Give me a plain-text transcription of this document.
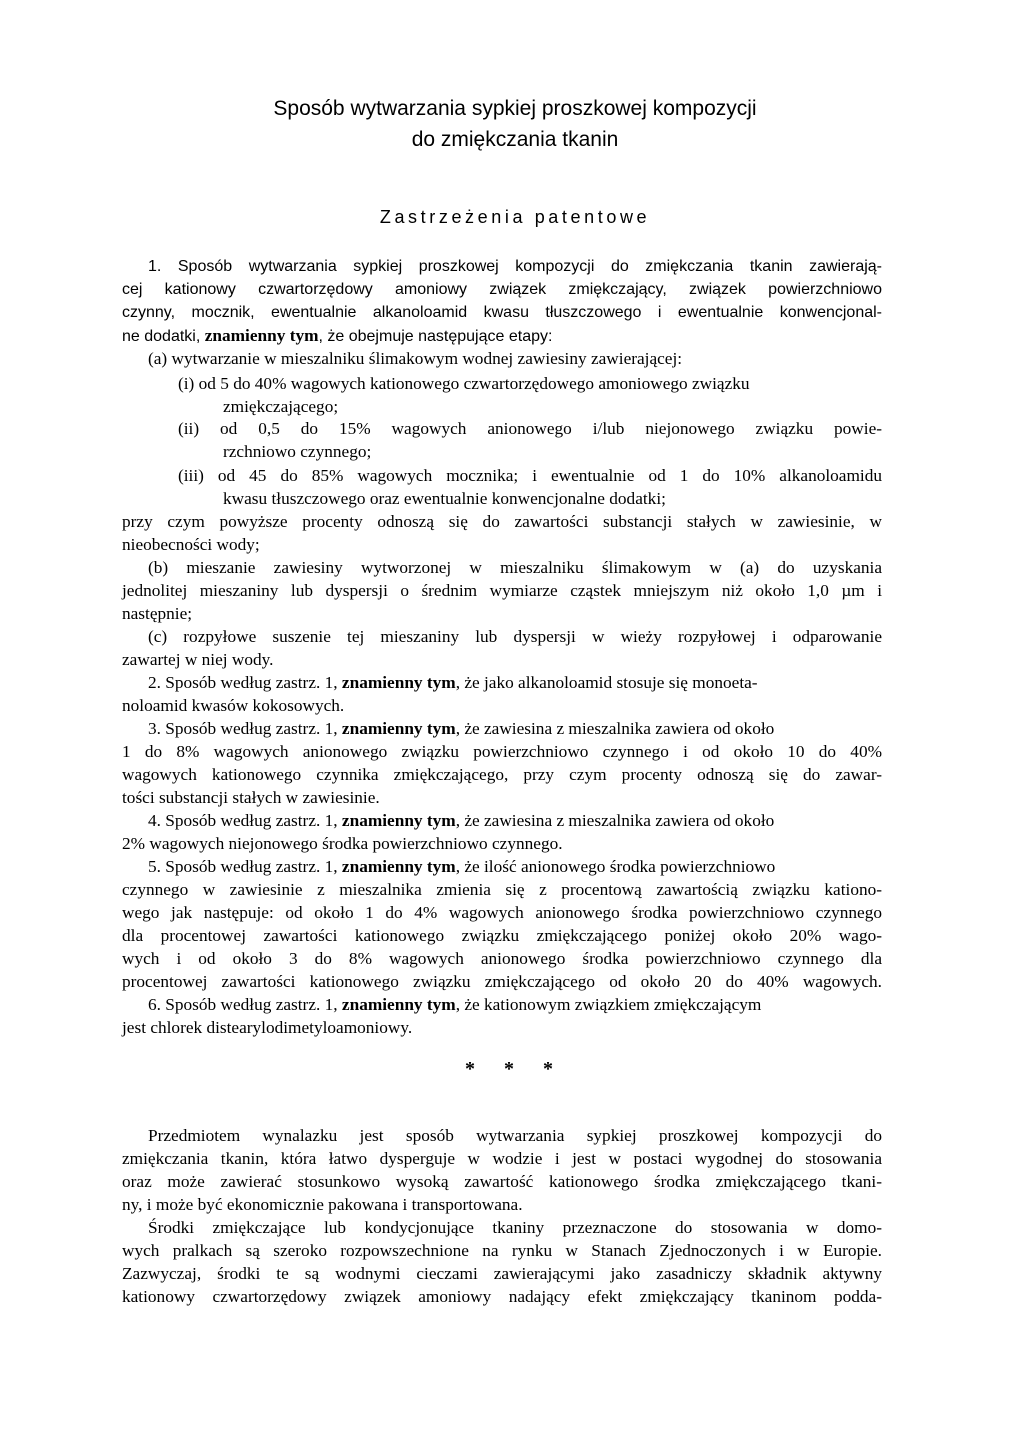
Sposób wytwarzania sypkiej proszkowej kompozycji
do zmiękczania tkanin
Zastrzeżenia patentowe
1. Sposób wytwarzania sypkiej proszkowej kompozycji do zmiękczania tkanin zawierają-
cej kationowy czwartorzędowy amoniowy związek zmiękczający, związek powierzchniowo
czynny, mocznik, ewentualnie alkanoloamid kwasu tłuszczowego i ewentualnie konwencjonal-
ne dodatki, znamienny tym, że obejmuje następujące etapy:
(a) wytwarzanie w mieszalniku ślimakowym wodnej zawiesiny zawierającej:
(i) od 5 do 40% wagowych kationowego czwartorzędowego amoniowego związku
zmiękczającego;
(ii) od 0,5 do 15% wagowych anionowego i/lub niejonowego związku powie-
rzchniowo czynnego;
(iii) od 45 do 85% wagowych mocznika; i ewentualnie od 1 do 10% alkanoloamidu
kwasu tłuszczowego oraz ewentualnie konwencjonalne dodatki;
przy czym powyższe procenty odnoszą się do zawartości substancji stałych w zawiesinie, w
nieobecności wody;
(b) mieszanie zawiesiny wytworzonej w mieszalniku ślimakowym w (a) do uzyskania
jednolitej mieszaniny lub dyspersji o średnim wymiarze cząstek mniejszym niż około 1,0 µm i
następnie;
(c) rozpyłowe suszenie tej mieszaniny lub dyspersji w wieży rozpyłowej i odparowanie
zawartej w niej wody.
2. Sposób według zastrz. 1, znamienny tym, że jako alkanoloamid stosuje się monoeta-
noloamid kwasów kokosowych.
3. Sposób według zastrz. 1, znamienny tym, że zawiesina z mieszalnika zawiera od około
1 do 8% wagowych anionowego związku powierzchniowo czynnego i od około 10 do 40%
wagowych kationowego czynnika zmiękczającego, przy czym procenty odnoszą się do zawar-
tości substancji stałych w zawiesinie.
4. Sposób według zastrz. 1, znamienny tym, że zawiesina z mieszalnika zawiera od około
2% wagowych niejonowego środka powierzchniowo czynnego.
5. Sposób według zastrz. 1, znamienny tym, że ilość anionowego środka powierzchniowo
czynnego w zawiesinie z mieszalnika zmienia się z procentową zawartością związku kationo-
wego jak następuje: od około 1 do 4% wagowych anionowego środka powierzchniowo czynnego
dla procentowej zawartości kationowego związku zmiękczającego poniżej około 20% wago-
wych i od około 3 do 8% wagowych anionowego środka powierzchniowo czynnego dla
procentowej zawartości kationowego związku zmiękczającego od około 20 do 40% wagowych.
6. Sposób według zastrz. 1, znamienny tym, że kationowym związkiem zmiękczającym
jest chlorek distearylodimetyloamoniowy.
* * *
Przedmiotem wynalazku jest sposób wytwarzania sypkiej proszkowej kompozycji do
zmiękczania tkanin, która łatwo dysperguje w wodzie i jest w postaci wygodnej do stosowania
oraz może zawierać stosunkowo wysoką zawartość kationowego środka zmiękczającego tkani-
ny, i może być ekonomicznie pakowana i transportowana.
Środki zmiękczające lub kondycjonujące tkaniny przeznaczone do stosowania w domo-
wych pralkach są szeroko rozpowszechnione na rynku w Stanach Zjednoczonych i w Europie.
Zazwyczaj, środki te są wodnymi cieczami zawierającymi jako zasadniczy składnik aktywny
kationowy czwartorzędowy związek amoniowy nadający efekt zmiękczający tkaninom podda-
